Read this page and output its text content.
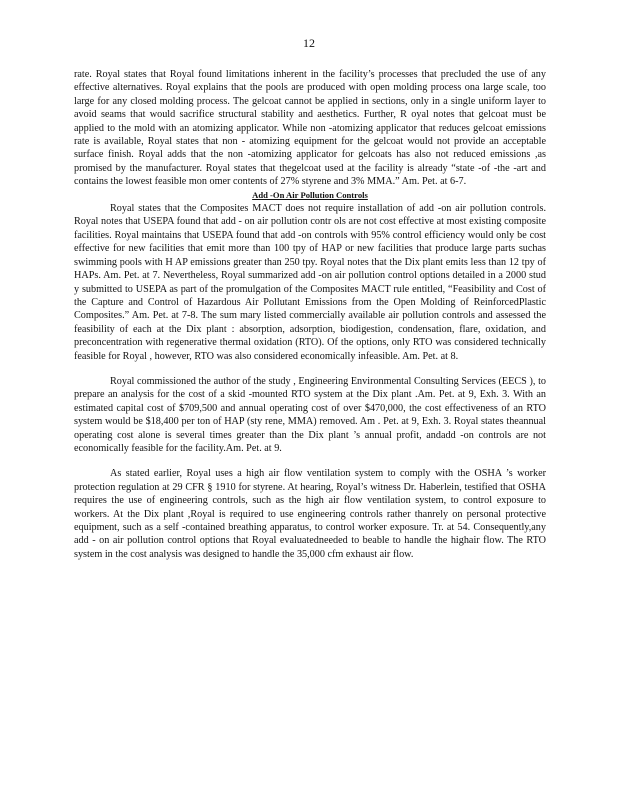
12

rate. Royal states that Royal found limitations inherent in the facility’s processes that precluded the use of any effective alternatives. Royal explains that the pools are produced with open molding process ona large scale, too large for any closed molding process. The gelcoat cannot be applied in sections, only in a single uniform layer to avoid seams that would sacrifice structural stability and aesthetics. Further, R oyal notes that gelcoat must be applied to the mold with an atomizing applicator. While non -atomizing applicator that reduces gelcoat emissions rate is available, Royal states that non - atomizing equipment for the gelcoat would not provide an acceptable surface finish. Royal adds that the non -atomizing applicator for gelcoats has also not reduced emissions ,as promised by the manufacturer. Royal states that thegelcoat used at the facility is already “state -of -the -art and contains the lowest feasible mon omer contents of 27% styrene and 3% MMA.” Am. Pet. at 6-7.

Add -On Air Pollution Controls

Royal states that the Composites MACT does not require installation of add -on air pollution controls. Royal notes that USEPA found that add - on air pollution contr ols are not cost effective at most existing composite facilities. Royal maintains that USEPA found that add -on controls with 95% control efficiency would only be cost effective for new facilities that emit more than 100 tpy of HAP or new facilities that produce large parts suchas swimming pools with H AP emissions greater than 250 tpy. Royal notes that the Dix plant emits less than 12 tpy of HAPs. Am. Pet. at 7. Nevertheless, Royal summarized add -on air pollution control options detailed in a 2000 stud y submitted to USEPA as part of the promulgation of the Composites MACT rule entitled, “Feasibility and Cost of the Capture and Control of Hazardous Air Pollutant Emissions from the Open Molding of ReinforcedPlastic Composites.” Am. Pet. at 7-8. The sum mary listed commercially available air pollution controls and assessed the feasibility of each at the Dix plant : absorption, adsorption, biodigestion, condensation, flare, oxidation, and preconcentration with regenerative thermal oxidation (RTO). Of the options, only RTO was considered technically feasible for Royal , however, RTO was also considered economically infeasible. Am. Pet. at 8.

Royal commissioned the author of the study , Engineering Environmental Consulting Services (EECS ), to prepare an analysis for the cost of a skid -mounted RTO system at the Dix plant .Am. Pet. at 9, Exh. 3. With an estimated capital cost of $709,500 and annual operating cost of over $470,000, the cost effectiveness of an RTO system would be $18,400 per ton of HAP (sty rene, MMA) removed. Am . Pet. at 9, Exh. 3. Royal states theannual operating cost alone is several times greater than the Dix plant ’s annual profit, andadd -on controls are not economically feasible for the facility.Am. Pet. at 9.

As stated earlier, Royal uses a high air flow ventilation system to comply with the OSHA ’s worker protection regulation at 29 CFR § 1910 for styrene. At hearing, Royal’s witness Dr. Haberlein, testified that OSHA requires the use of engineering controls, such as the high air flow ventilation system, to control exposure to workers. At the Dix plant ,Royal is required to use engineering controls rather thanrely on personal protective equipment, such as a self -contained breathing apparatus, to control worker exposure. Tr. at 54. Consequently,any add - on air pollution control options that Royal evaluatedneeded to beable to handle the highair flow. The RTO system in the cost analysis was designed to handle the 35,000 cfm exhaust air flow.
